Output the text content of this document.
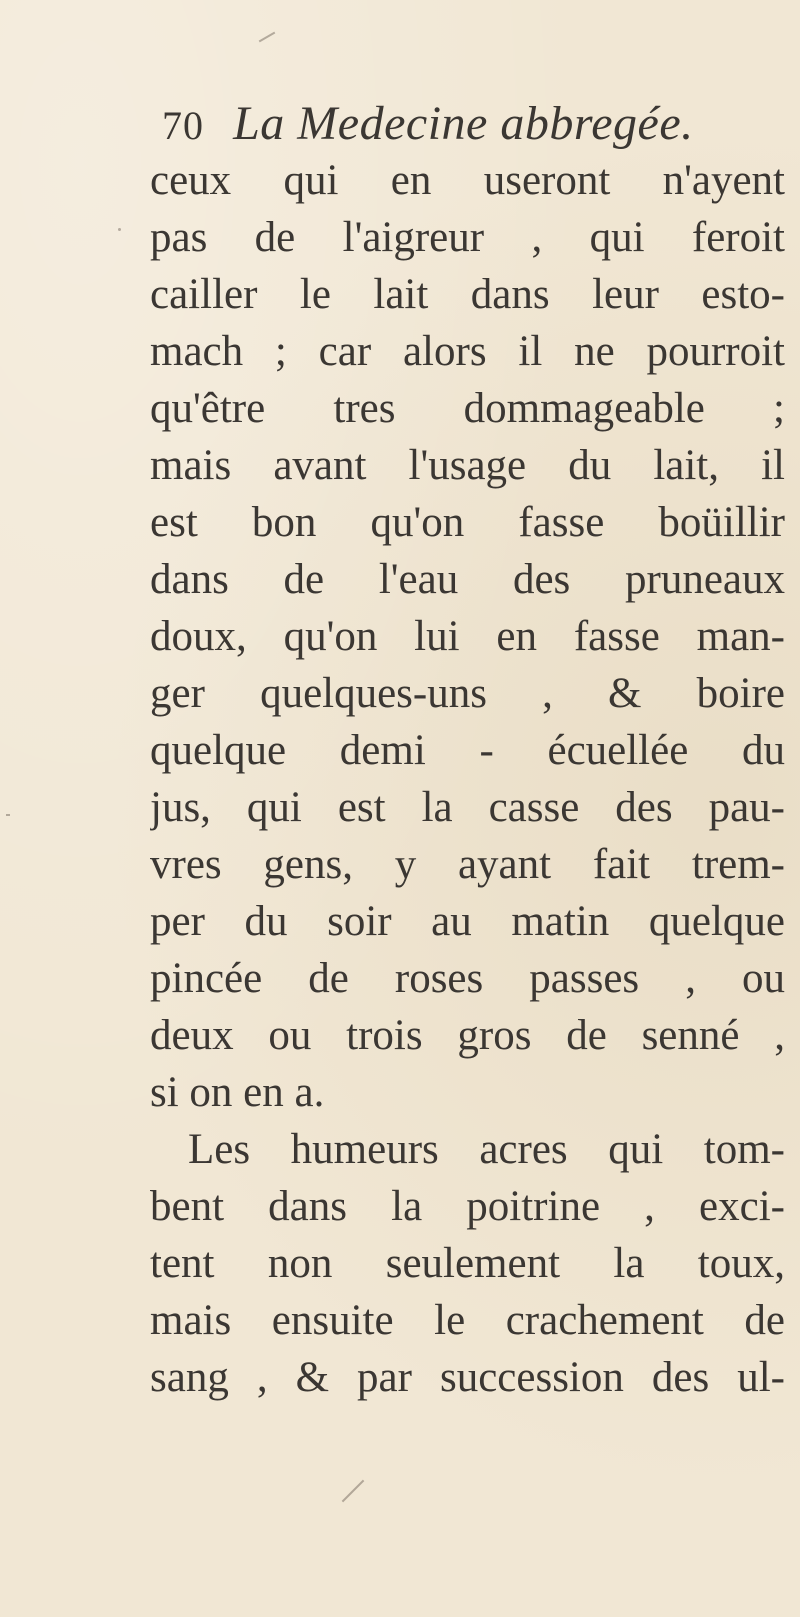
70 La Medecine abbregée.
ceux qui en useront n'ayent
pas de l'aigreur , qui feroit
cailler le lait dans leur esto-
mach ; car alors il ne pourroit
qu'être tres dommageable ;
mais avant l'usage du lait, il
est bon qu'on fasse boüillir
dans de l'eau des pruneaux
doux, qu'on lui en fasse man-
ger quelques-uns , & boire
quelque demi - écuellée du
jus, qui est la casse des pau-
vres gens, y ayant fait trem-
per du soir au matin quelque
pincée de roses passes , ou
deux ou trois gros de senné ,
si on en a.
Les humeurs acres qui tom-
bent dans la poitrine , exci-
tent non seulement la toux,
mais ensuite le crachement de
sang , & par succession des ul-
